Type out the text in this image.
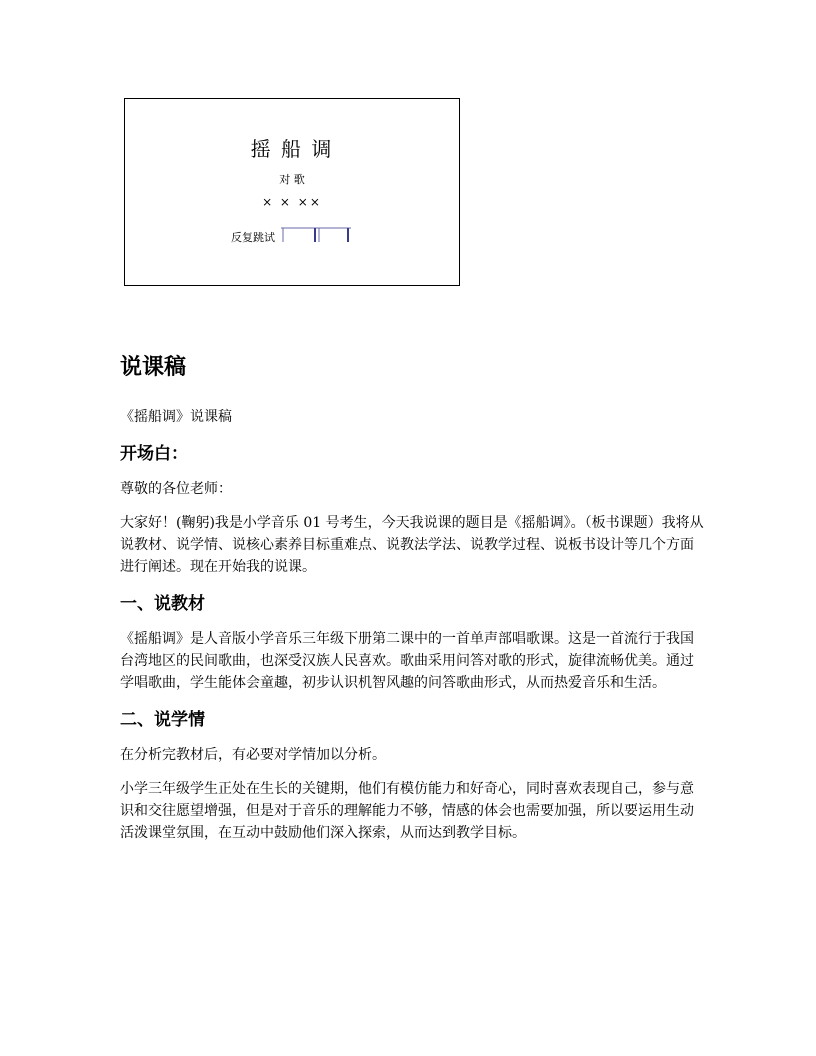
摇 船 调
对 歌
× × ××
反复跳试
说课稿

《摇船调》说课稿

开场白：

尊敬的各位老师：

大家好！(鞠躬)我是小学音乐 01 号考生，今天我说课的题目是《摇船调》。（板书课题）我将从说教材、说学情、说核心素养目标重难点、说教法学法、说教学过程、说板书设计等几个方面进行阐述。现在开始我的说课。

一、说教材

《摇船调》是人音版小学音乐三年级下册第二课中的一首单声部唱歌课。这是一首流行于我国台湾地区的民间歌曲，也深受汉族人民喜欢。歌曲采用问答对歌的形式，旋律流畅优美。通过学唱歌曲，学生能体会童趣，初步认识机智风趣的问答歌曲形式，从而热爱音乐和生活。

二、说学情

在分析完教材后，有必要对学情加以分析。

小学三年级学生正处在生长的关键期，他们有模仿能力和好奇心，同时喜欢表现自己，参与意识和交往愿望增强，但是对于音乐的理解能力不够，情感的体会也需要加强，所以要运用生动活泼课堂氛围，在互动中鼓励他们深入探索，从而达到教学目标。
